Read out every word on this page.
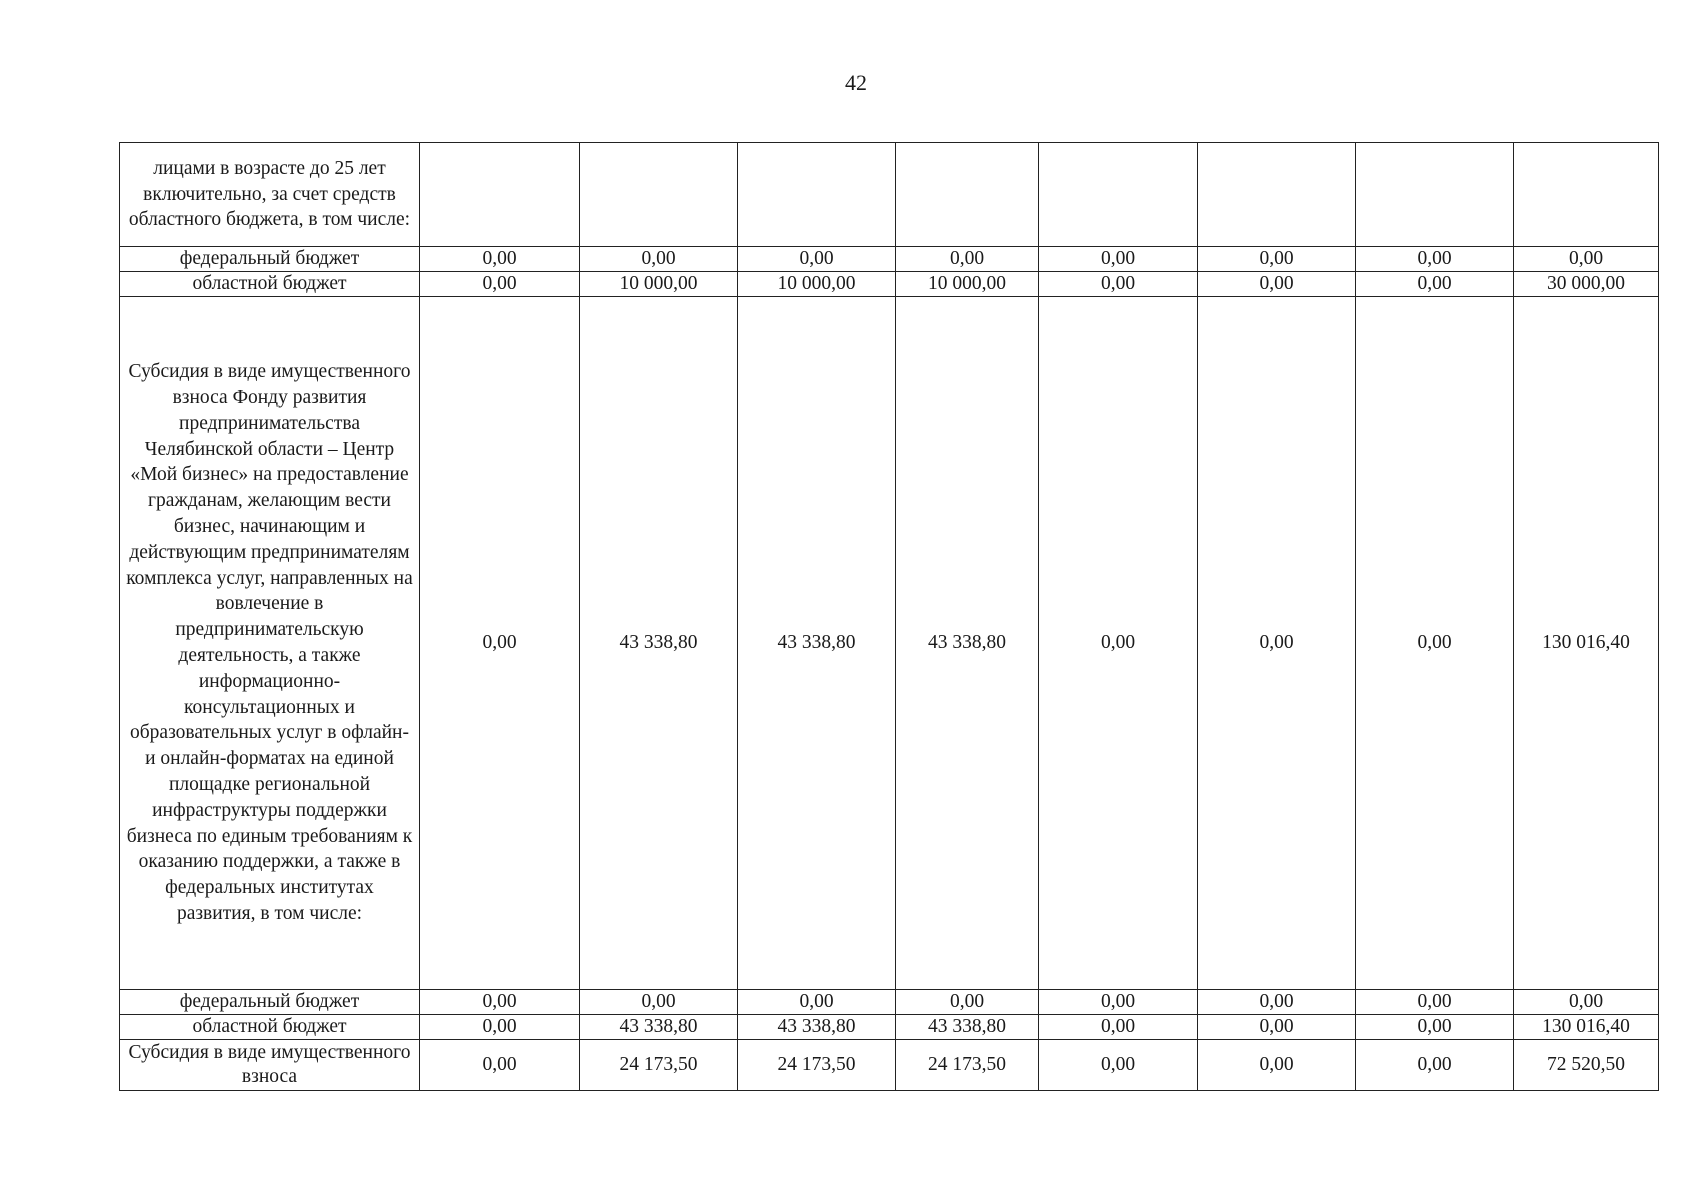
42
лицами в возрасте до 25 лет включительно, за счет средств областного бюджета, в том числе:								

федеральный бюджет	0,00	0,00	0,00	0,00	0,00	0,00	0,00	0,00
областной бюджет	0,00	10 000,00	10 000,00	10 000,00	0,00	0,00	0,00	30 000,00

Субсидия в виде имущественного взноса Фонду развития предпринимательства Челябинской области – Центр «Мой бизнес» на предоставление гражданам, желающим вести бизнес, начинающим и действующим предпринимателям комплекса услуг, направленных на вовлечение в предпринимательскую деятельность, а также информационно-консультационных и образовательных услуг в офлайн- и онлайн-форматах на единой площадке региональной инфраструктуры поддержки бизнеса по единым требованиям к оказанию поддержки, а также в федеральных институтах развития, в том числе:	0,00	43 338,80	43 338,80	43 338,80	0,00	0,00	0,00	130 016,40
федеральный бюджет	0,00	0,00	0,00	0,00	0,00	0,00	0,00	0,00
областной бюджет	0,00	43 338,80	43 338,80	43 338,80	0,00	0,00	0,00	130 016,40

Субсидия в виде имущественного взноса	0,00	24 173,50	24 173,50	24 173,50	0,00	0,00	0,00	72 520,50
